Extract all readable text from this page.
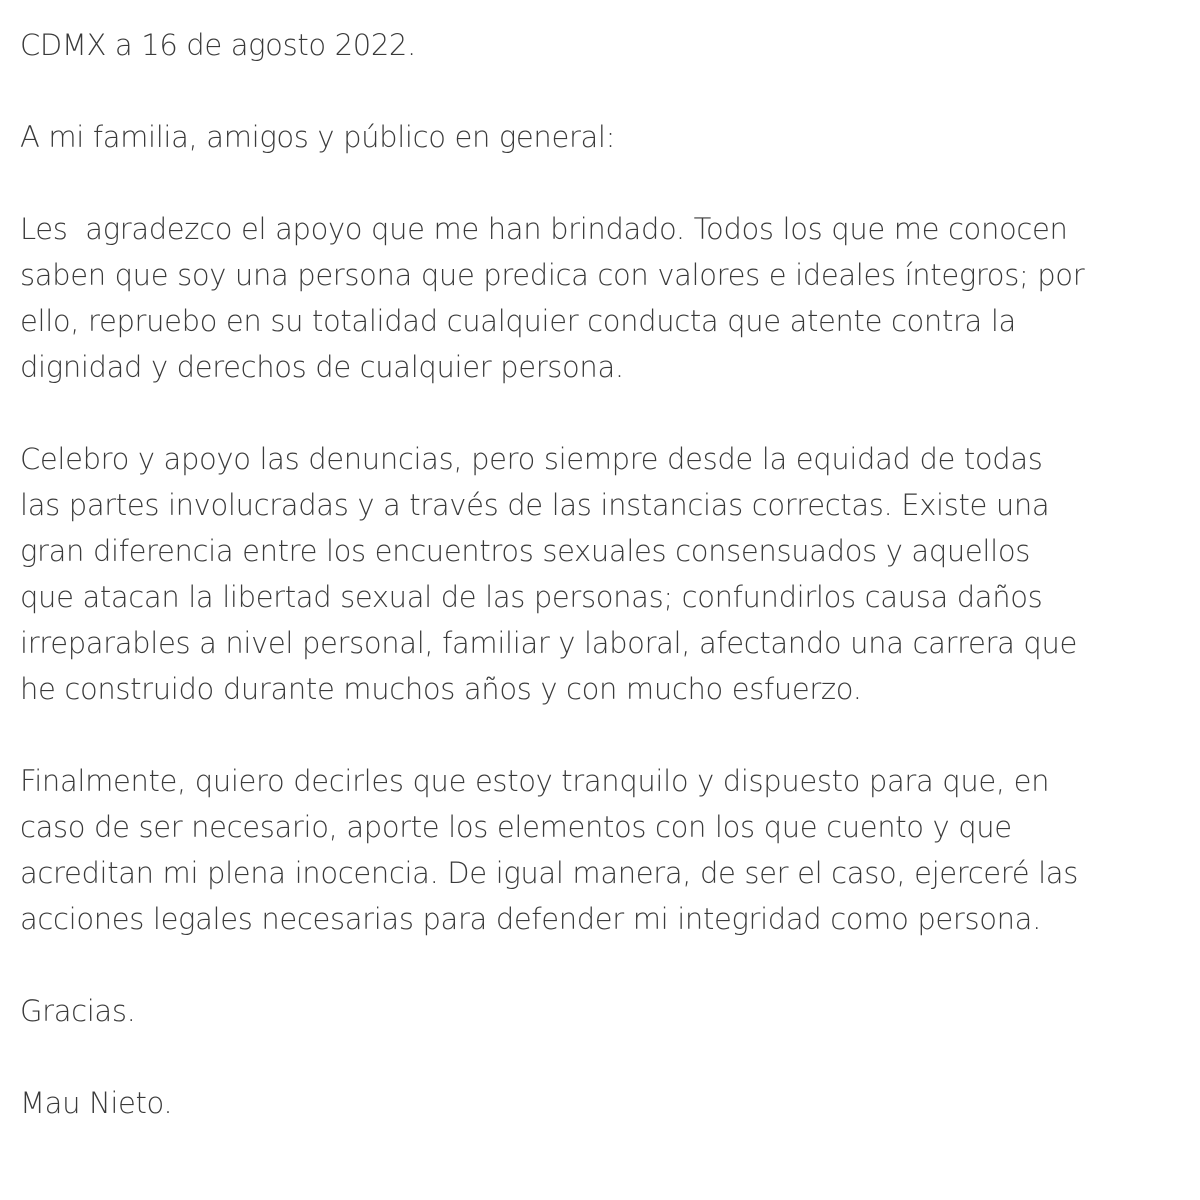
CDMX a 16 de agosto 2022.

A mi familia, amigos y público en general:

Les  agradezco el apoyo que me han brindado. Todos los que me conocen
saben que soy una persona que predica con valores e ideales íntegros; por
ello, repruebo en su totalidad cualquier conducta que atente contra la
dignidad y derechos de cualquier persona.

Celebro y apoyo las denuncias, pero siempre desde la equidad de todas
las partes involucradas y a través de las instancias correctas. Existe una
gran diferencia entre los encuentros sexuales consensuados y aquellos
que atacan la libertad sexual de las personas; confundirlos causa daños
irreparables a nivel personal, familiar y laboral, afectando una carrera que
he construido durante muchos años y con mucho esfuerzo.

Finalmente, quiero decirles que estoy tranquilo y dispuesto para que, en
caso de ser necesario, aporte los elementos con los que cuento y que
acreditan mi plena inocencia. De igual manera, de ser el caso, ejerceré las
acciones legales necesarias para defender mi integridad como persona.

Gracias.

Mau Nieto.
